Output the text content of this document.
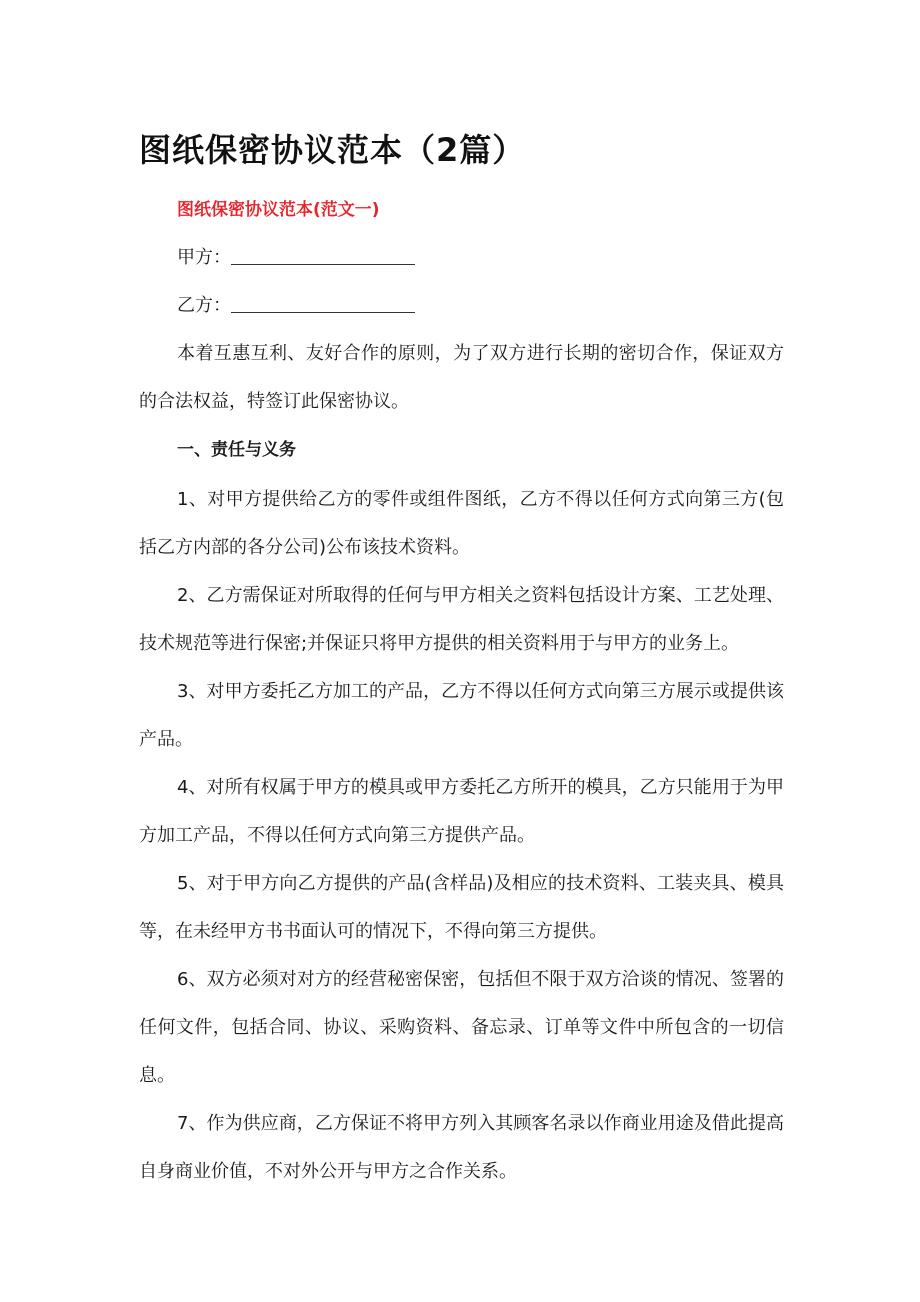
图纸保密协议范本（2篇）

图纸保密协议范本(范文一)

甲方：

乙方：

本着互惠互利、友好合作的原则，为了双方进行长期的密切合作，保证双方的合法权益，特签订此保密协议。

一、责任与义务

1、对甲方提供给乙方的零件或组件图纸，乙方不得以任何方式向第三方(包括乙方内部的各分公司)公布该技术资料。

2、乙方需保证对所取得的任何与甲方相关之资料包括设计方案、工艺处理、技术规范等进行保密;并保证只将甲方提供的相关资料用于与甲方的业务上。

3、对甲方委托乙方加工的产品，乙方不得以任何方式向第三方展示或提供该产品。

4、对所有权属于甲方的模具或甲方委托乙方所开的模具，乙方只能用于为甲方加工产品，不得以任何方式向第三方提供产品。

5、对于甲方向乙方提供的产品(含样品)及相应的技术资料、工装夹具、模具等，在未经甲方书书面认可的情况下，不得向第三方提供。

6、双方必须对对方的经营秘密保密，包括但不限于双方洽谈的情况、签署的任何文件，包括合同、协议、采购资料、备忘录、订单等文件中所包含的一切信息。

7、作为供应商，乙方保证不将甲方列入其顾客名录以作商业用途及借此提高自身商业价值，不对外公开与甲方之合作关系。
